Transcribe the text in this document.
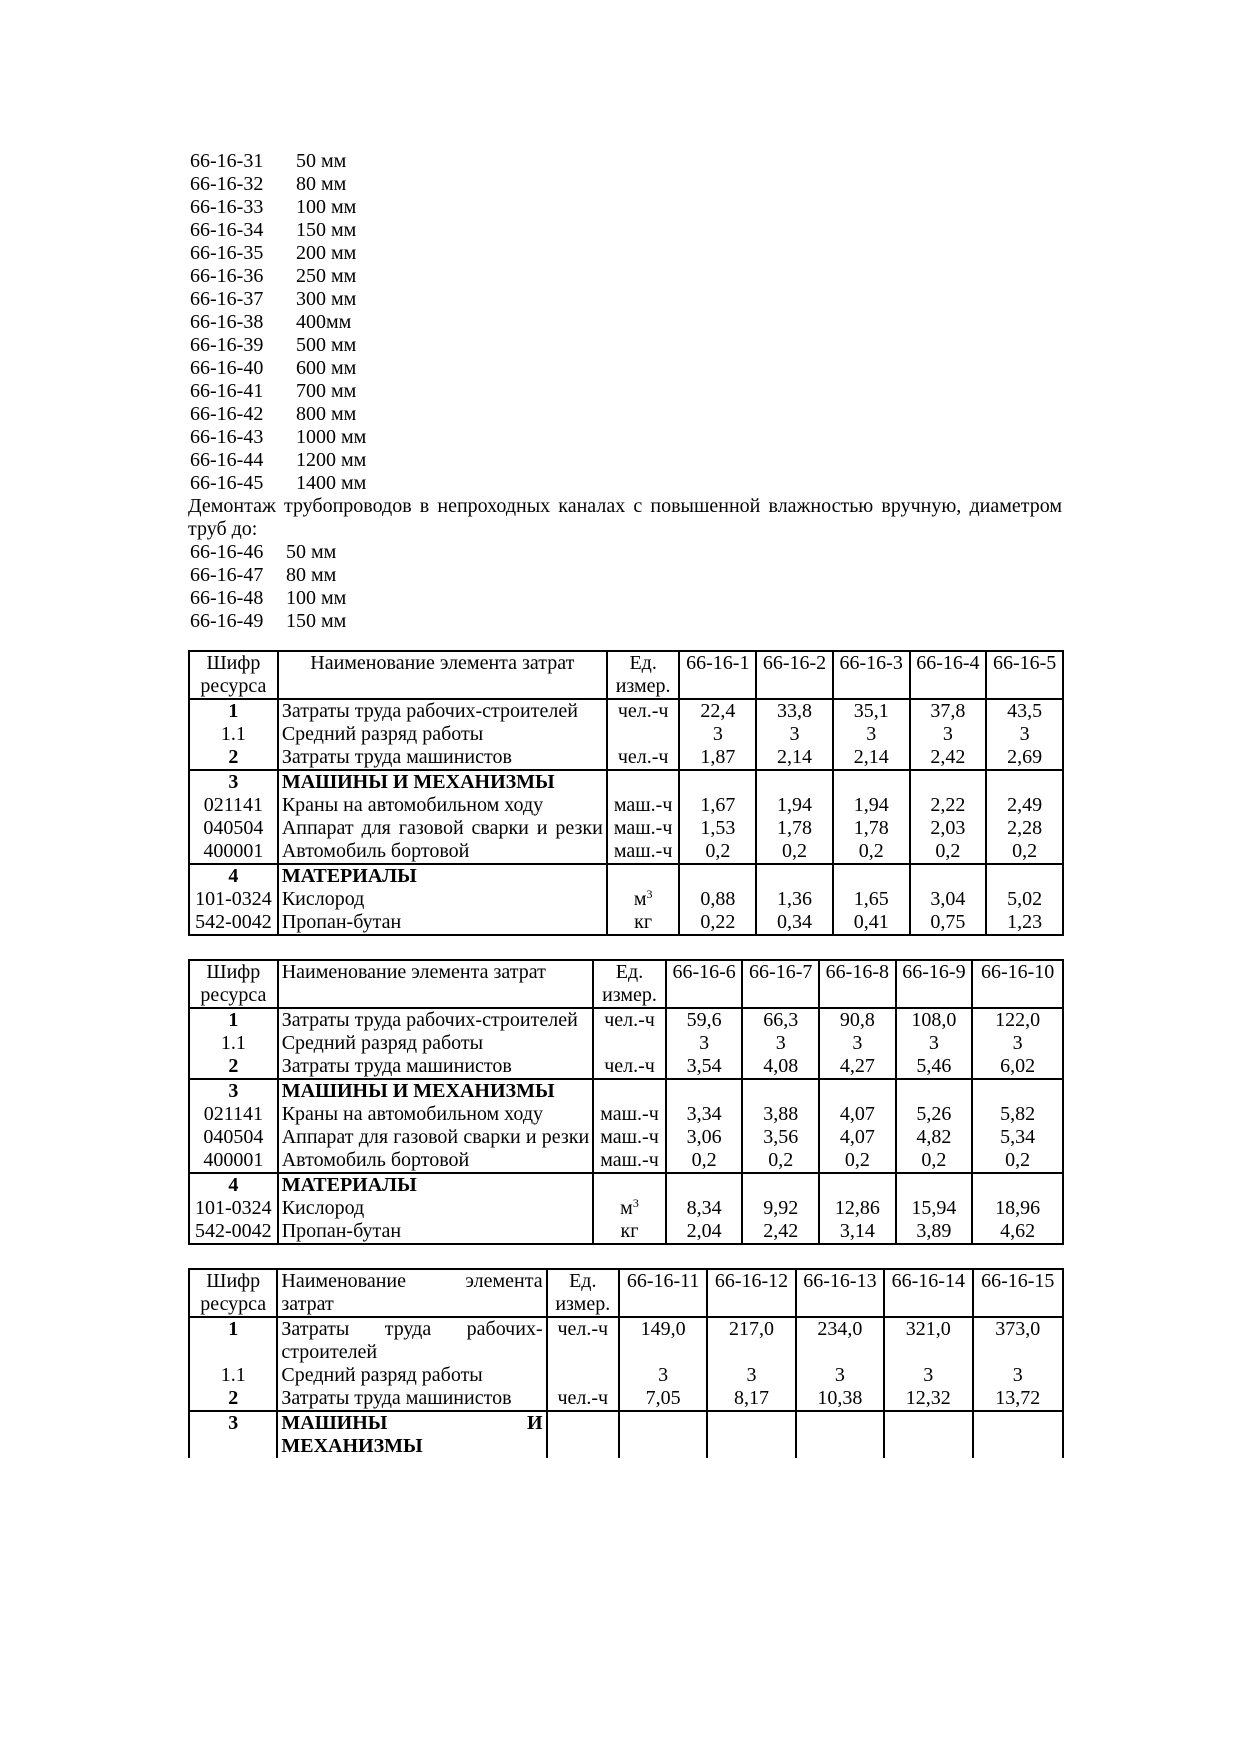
66-16-31 50 мм
66-16-32 80 мм
66-16-33 100 мм
66-16-34 150 мм
66-16-35 200 мм
66-16-36 250 мм
66-16-37 300 мм
66-16-38 400мм
66-16-39 500 мм
66-16-40 600 мм
66-16-41 700 мм
66-16-42 800 мм
66-16-43 1000 мм
66-16-44 1200 мм
66-16-45 1400 мм
Демонтаж трубопроводов в непроходных каналах с повышенной влажностью вручную, диаметром труб до:
66-16-46 50 мм
66-16-47 80 мм
66-16-48 100 мм
66-16-49 150 мм
Шифр ресурса	Наименование элемента затрат	Ед. измер.	66-16-1	66-16-2	66-16-3	66-16-4	66-16-5
1	Затраты труда рабочих-строителей	чел.-ч	22,4	33,8	35,1	37,8	43,5
1.1	Средний разряд работы		3	3	3	3	3
2	Затраты труда машинистов	чел.-ч	1,87	2,14	2,14	2,42	2,69
3	МАШИНЫ И МЕХАНИЗМЫ						
021141	Краны на автомобильном ходу	маш.-ч	1,67	1,94	1,94	2,22	2,49
040504	Аппарат для газовой сварки и резки	маш.-ч	1,53	1,78	1,78	2,03	2,28
400001	Автомобиль бортовой	маш.-ч	0,2	0,2	0,2	0,2	0,2
4	МАТЕРИАЛЫ						
101-0324	Кислород	$м^3$	0,88	1,36	1,65	3,04	5,02
542-0042	Пропан-бутан	кг	0,22	0,34	0,41	0,75	1,23
Шифр ресурса	Наименование элемента затрат	Ед. измер.	66-16-6	66-16-7	66-16-8	66-16-9	66-16-10
1	Затраты труда рабочих-строителей	чел.-ч	59,6	66,3	90,8	108,0	122,0
1.1	Средний разряд работы		3	3	3	3	3
2	Затраты труда машинистов	чел.-ч	3,54	4,08	4,27	5,46	6,02
3	МАШИНЫ И МЕХАНИЗМЫ						
021141	Краны на автомобильном ходу	маш.-ч	3,34	3,88	4,07	5,26	5,82
040504	Аппарат для газовой сварки и резки	маш.-ч	3,06	3,56	4,07	4,82	5,34
400001	Автомобиль бортовой	маш.-ч	0,2	0,2	0,2	0,2	0,2
4	МАТЕРИАЛЫ						
101-0324	Кислород	$м^3$	8,34	9,92	12,86	15,94	18,96
542-0042	Пропан-бутан	кг	2,04	2,42	3,14	3,89	4,62
Шифр ресурса	Наименование элемента затрат	Ед. измер.	66-16-11	66-16-12	66-16-13	66-16-14	66-16-15
1	Затраты труда рабочих-строителей	чел.-ч	149,0	217,0	234,0	321,0	373,0
1.1	Средний разряд работы		3	3	3	3	3
2	Затраты труда машинистов	чел.-ч	7,05	8,17	10,38	12,32	13,72
3	МАШИНЫ И МЕХАНИЗМЫ						
